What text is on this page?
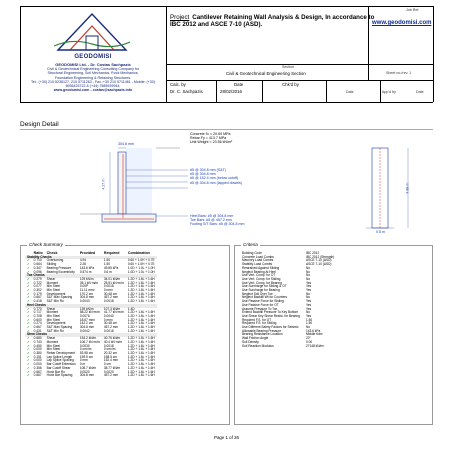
GEODOMISI
GEODOMISI Ltd. - Dr. Costas Sachpazis
Civil & Geotechnical Engineering Consulting Company for
Structural Engineering, Soil Mechanics, Rock Mechanics,
Foundation Engineering & Retaining Structures.
Tel.: (+30) 210 5238127, 210 5711263 - Fax.:+30 210 5711461 - Mobile: (+30) 6936425722 & (+44) 7585939944,
www.geodomisi.com - costas@sachpazis.info
Project Cantilever Retaining Wall Analysis & Design, In accordance to IBC 2012 and ASCE 7-10 (ASD).
Job Ref.
www.geodomisi.com
Section
Civil & Geotechnical Engineering Section	Sheet no./rev. 1
Calc. by
Dr. C. Sachpazis
Date
28/02/2016
Chk'd by
Date	App'd by	Date
Design Detail
Concrete f'c = 20.69 MPa
Rebar Fy = 413.7 MPa
Unit Weight = 23.56 kN/m³
304.8 mm
4.27 m	4.88 m
0.5 m
#5 @ 304.8 mm (S&T)
#5 @ 304.8 mm
#5 @ 152.4 mm (below cutoff)
#5 @ 304.8 mm (lapped dowels)
Heel Bars: #5 @ 304.8 mm
Toe Bars: #5 @ 457.2 mm
Footing S/T Bars: #5 @ 304.8 mm
Check Summary
	Ratio	Check	Provided	Required	Combination
Stability Checks					
✓	0.710	Overturning	4.94	1.50	0.60 + 1.0H + 0.7E
✓	0.664	Sliding	2.26	1.50	0.60 + 1.0H + 0.7E
✓	0.347	Bearing Pressure	143.6 kPa	49.85 kPa	1.0D + 1.0L + 1.0H
✓	0.096	Bearing Eccentricity	0.574 m	0.6 m	1.0D + 1.0L + 1.0H
Toe Checks					
✓	0.279	Shear	129 kN/m	34.01 kN/m	1.2D + 1.6L + 1.6H
✓	0.722	Moment	35.1 kN·m/m	25.51 kN·m/m	1.2D + 1.6L + 1.6H
✓	0.077	Min Steel	0.00P	0.0018	1.2D + 1.6L + 1.6H
✓	0.302	Min Steel	11.11 mm²	0 mm²	1.2D + 1.6L + 1.6H
✓	0.179	Development	170.2 cm	30.48 cm	1.2D + 1.6L + 1.6H
✓	0.667	S&T Max Spacing	304.8 mm	457.2 mm	1.2D + 1.6L + 1.6H
✓	0.418	S&T Min Ro	0.0043	0.0018	1.2D + 1.6L + 1.6H
Heel Checks					
✓	0.770	Shear	139 kN/m	107.3 kN/m	1.4D
✓	0.717	Moment	58.22 kN·m/m	41.77 kN·m/m	1.2D + 1.6L + 1.6H
✓	0.708	Min Steel	0.0076	0.0040	1.2D + 1.6L + 1.6H
✓	0.600	Min Steel	18.67 mm²	0 mm²	1.2D + 1.6L + 1.6H
✓	0.274	Development	142.2 cm	30.48 cm	1.2D + 1.6L + 1.6H
✓	0.667	S&T Max Spacing	304.8 mm	457.2 mm	1.2D + 1.6L + 1.6H
✓	0.431	S&T Min Ro	0.0042	0.0018	1.2D + 1.6L + 1.6H
Stem Checks					
✓	0.680	Shear	154.2 kN/m	40.76 kN/m	1.2D + 1.6L + 1.6H
✓	0.743	Moment	106.7 kN·m/m	40.4 kN·m/m	1.2D + 1.6L + 1.6H
✓	0.450	Min Steel	0.0030	0.0018	1.2D + 1.6L + 1.6H
✓	0.000	Min Steel	0 cm²/m	0 cm²/m	1.2D + 1.6L + 1.6H
✓	0.380	Rebar Development	53.98 cm	20.32 cm	1.2D + 1.6L + 1.6H
✓	0.151	Lap Splice Length	159.5 cm	158.5 cm	1.2D + 1.6L + 1.6H
✓	0.000	Lap Splice Spacing	0 mm	152.4 mm	1.2D + 1.6L + 1.6H
✓	0.000	Bar Cutoff Extension	0 m	0 cm	1.2D + 1.6L + 1.6H
✓	0.356	Bar Cutoff Shear	108.7 kN/m	38.77 kN/m	1.2D + 1.6L + 1.6H
✓	0.667	Horiz Bar Ro	0.0020	0.0020	1.2D + 1.6L + 1.6H
✓	0.667	Horiz Bar Spacing	304.8 mm	457.2 mm	1.2D + 1.6L + 1.6H
Criteria
Building Code	IBC 2012
Concrete Load Combs	IBC 2012 (Strength)
Masonry Load Combs	ASCE 7-10 (ASD)
Stability Load Combs	ASCE 7-10 (ASD)
Restrained Against Sliding	No
Neglect Bearing At Heel	No
Use Vert. Comp. for OT	No
Use Vert. Comp. for Sliding	No
Use Vert. Comp. for Bearing	Yes
Use Surcharge for Sliding & OT	Yes
Use Surcharge for Bearing	Yes
Neglect Soil Over Toe	No
Neglect Backfill Wt for Counters	No
Use Passive Force for Sliding	Yes
Use Passive Force for OT	Yes
Assume Pressure To Toe	Yes
Extend Backfill Pressure To Key Bottom	No
Use Shear Key Shear Resist. for Bearing	Yes
Required F.S. for OT	1.50
Required F.S. for Sliding	1.50
Use Different Safety Factors for Seismic	No
Allowable Bearing Pressure	143.6 kPa
Bearing Resistance Location	Middle third
Wall Friction Angle	20°
Soil Density	0.00
Soil Reaction Modulus	27148 kN/m³
Page 1 of 26
